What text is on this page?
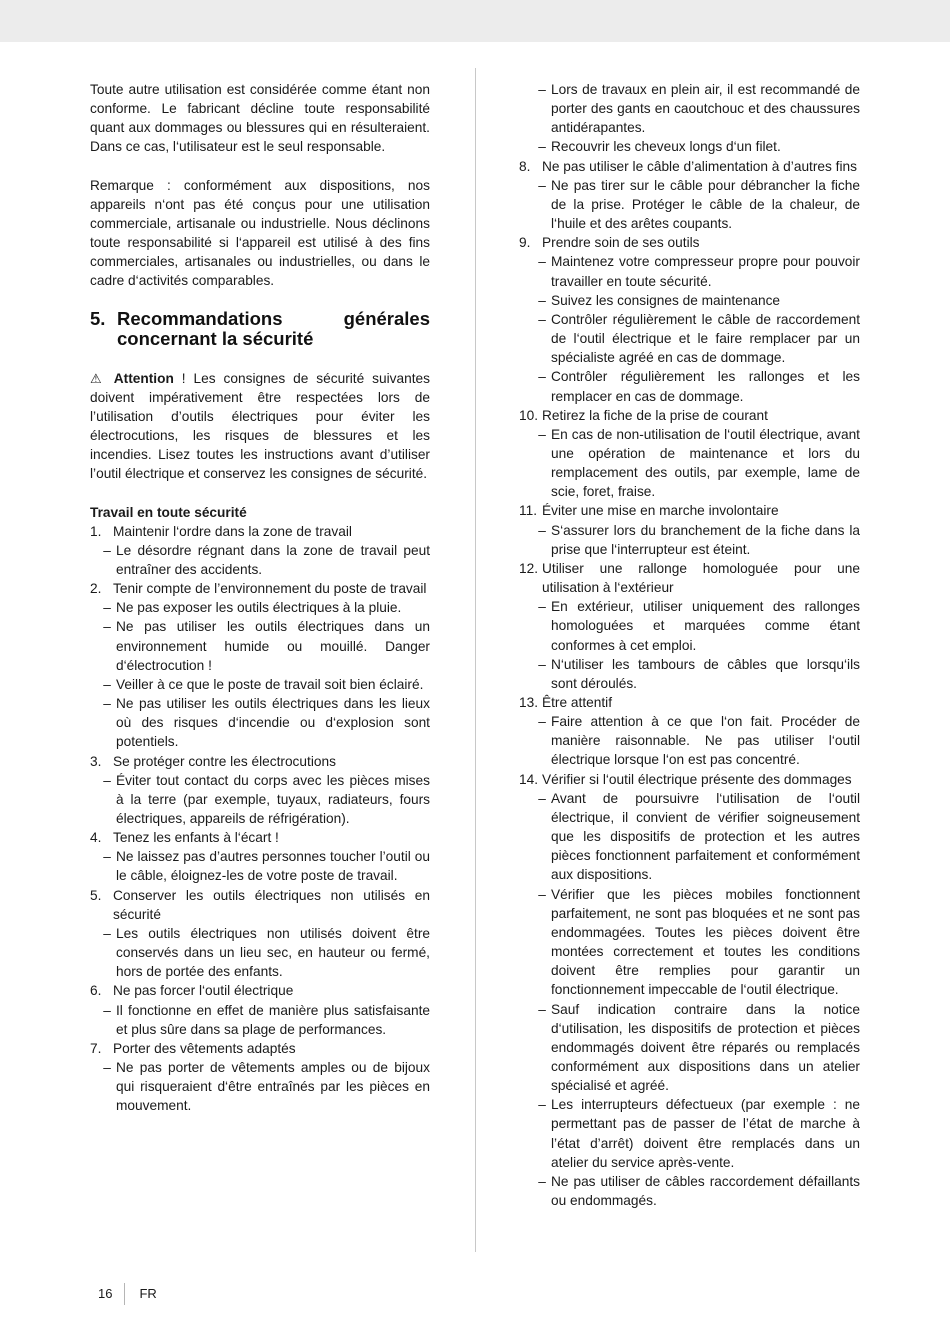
Toute autre utilisation est considérée comme étant non conforme. Le fabricant décline toute responsabilité quant aux dommages ou blessures qui en résulteraient. Dans ce cas, l‘utilisateur est le seul responsable.

Remarque : conformément aux dispositions, nos appareils n‘ont pas été conçus pour une utilisation commerciale, artisanale ou industrielle. Nous déclinons toute responsabilité si l‘appareil est utilisé à des fins commerciales, artisanales ou industrielles, ou dans le cadre d‘activités comparables.

5. Recommandations générales
concernant la sécurité

⚠ Attention ! Les consignes de sécurité suivantes doivent impérativement être respectées lors de l’utilisation d’outils électriques pour éviter les électrocutions, les risques de blessures et les incendies. Lisez toutes les instructions avant d’utiliser l’outil électrique et conservez les consignes de sécurité.

Travail en toute sécurité
1. Maintenir l‘ordre dans la zone de travail
– Le désordre régnant dans la zone de travail peut entraîner des accidents.
2. Tenir compte de l’environnement du poste de travail
– Ne pas exposer les outils électriques à la pluie.
– Ne pas utiliser les outils électriques dans un environnement humide ou mouillé. Danger d‘électrocution !
– Veiller à ce que le poste de travail soit bien éclairé.
– Ne pas utiliser les outils électriques dans les lieux où des risques d‘incendie ou d‘explosion sont potentiels.
3. Se protéger contre les électrocutions
– Éviter tout contact du corps avec les pièces mises à la terre (par exemple, tuyaux, radiateurs, fours électriques, appareils de réfrigération).
4. Tenez les enfants à l‘écart !
– Ne laissez pas d’autres personnes toucher l’outil ou le câble, éloignez-les de votre poste de travail.
5. Conserver les outils électriques non utilisés en sécurité
– Les outils électriques non utilisés doivent être conservés dans un lieu sec, en hauteur ou fermé, hors de portée des enfants.
6. Ne pas forcer l‘outil électrique
– Il fonctionne en effet de manière plus satisfaisante et plus sûre dans sa plage de performances.
7. Porter des vêtements adaptés
– Ne pas porter de vêtements amples ou de bijoux qui risqueraient d‘être entraînés par les pièces en mouvement.
– Lors de travaux en plein air, il est recommandé de porter des gants en caoutchouc et des chaussures antidérapantes.
– Recouvrir les cheveux longs d‘un filet.
8. Ne pas utiliser le câble d’alimentation à d’autres fins
– Ne pas tirer sur le câble pour débrancher la fiche de la prise. Protéger le câble de la chaleur, de l‘huile et des arêtes coupants.
9. Prendre soin de ses outils
– Maintenez votre compresseur propre pour pouvoir travailler en toute sécurité.
– Suivez les consignes de maintenance
– Contrôler régulièrement le câble de raccordement de l‘outil électrique et le faire remplacer par un spécialiste agréé en cas de dommage.
– Contrôler régulièrement les rallonges et les remplacer en cas de dommage.
10. Retirez la fiche de la prise de courant
– En cas de non-utilisation de l‘outil électrique, avant une opération de maintenance et lors du remplacement des outils, par exemple, lame de scie, foret, fraise.
11. Éviter une mise en marche involontaire
– S‘assurer lors du branchement de la fiche dans la prise que l‘interrupteur est éteint.
12. Utiliser une rallonge homologuée pour une utilisation à l‘extérieur
– En extérieur, utiliser uniquement des rallonges homologuées et marquées comme étant conformes à cet emploi.
– N‘utiliser les tambours de câbles que lorsqu‘ils sont déroulés.
13. Être attentif
– Faire attention à ce que l‘on fait. Procéder de manière raisonnable. Ne pas utiliser l‘outil électrique lorsque l‘on est pas concentré.
14. Vérifier si l‘outil électrique présente des dommages
– Avant de poursuivre l‘utilisation de l‘outil électrique, il convient de vérifier soigneusement que les dispositifs de protection et les autres pièces fonctionnent parfaitement et conformément aux dispositions.
– Vérifier que les pièces mobiles fonctionnent parfaitement, ne sont pas bloquées et ne sont pas endommagées. Toutes les pièces doivent être montées correctement et toutes les conditions doivent être remplies pour garantir un fonctionnement impeccable de l‘outil électrique.
– Sauf indication contraire dans la notice d‘utilisation, les dispositifs de protection et pièces endommagés doivent être réparés ou remplacés conformément aux dispositions dans un atelier spécialisé et agréé.
– Les interrupteurs défectueux (par exemple : ne permettant pas de passer de l’état de marche à l’état d’arrêt) doivent être remplacés dans un atelier du service après-vente.
– Ne pas utiliser de câbles raccordement défaillants ou endommagés.
16	FR
